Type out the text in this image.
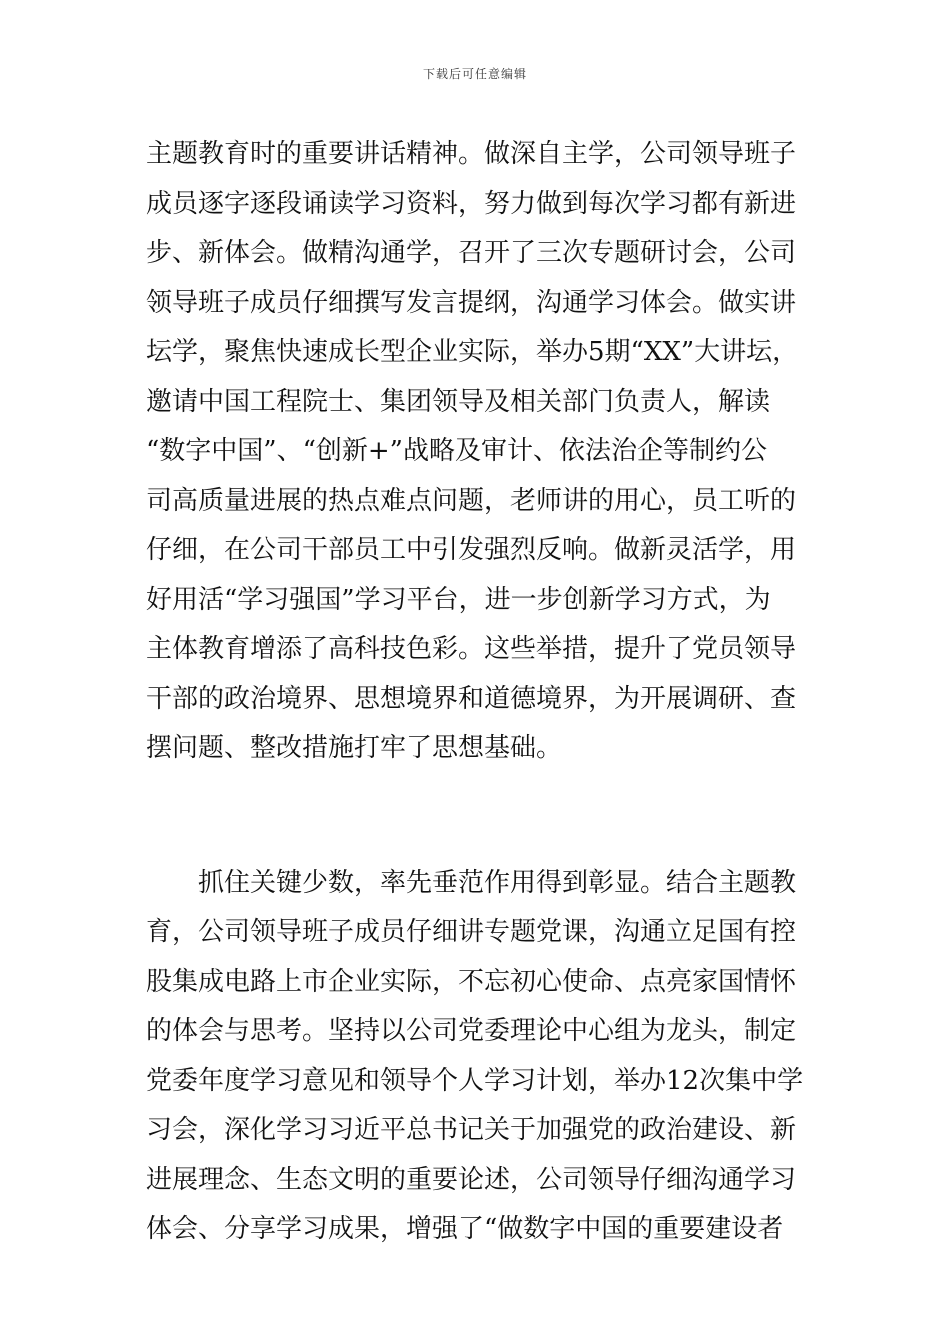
下载后可任意编辑

主题教育时的重要讲话精神。做深自主学，公司领导班子
成员逐字逐段诵读学习资料，努力做到每次学习都有新进
步、新体会。做精沟通学，召开了三次专题研讨会，公司
领导班子成员仔细撰写发言提纲，沟通学习体会。做实讲
坛学，聚焦快速成长型企业实际，举办5期“XX”大讲坛，
邀请中国工程院士、集团领导及相关部门负责人，解读
“数字中国”、“创新+”战略及审计、依法治企等制约公
司高质量进展的热点难点问题，老师讲的用心，员工听的
仔细，在公司干部员工中引发强烈反响。做新灵活学，用
好用活“学习强国”学习平台，进一步创新学习方式，为
主体教育增添了高科技色彩。这些举措，提升了党员领导
干部的政治境界、思想境界和道德境界，为开展调研、查
摆问题、整改措施打牢了思想基础。

　　抓住关键少数，率先垂范作用得到彰显。结合主题教
育，公司领导班子成员仔细讲专题党课，沟通立足国有控
股集成电路上市企业实际，不忘初心使命、点亮家国情怀
的体会与思考。坚持以公司党委理论中心组为龙头，制定
党委年度学习意见和领导个人学习计划，举办12次集中学
习会，深化学习习近平总书记关于加强党的政治建设、新
进展理念、生态文明的重要论述，公司领导仔细沟通学习
体会、分享学习成果，增强了“做数字中国的重要建设者
